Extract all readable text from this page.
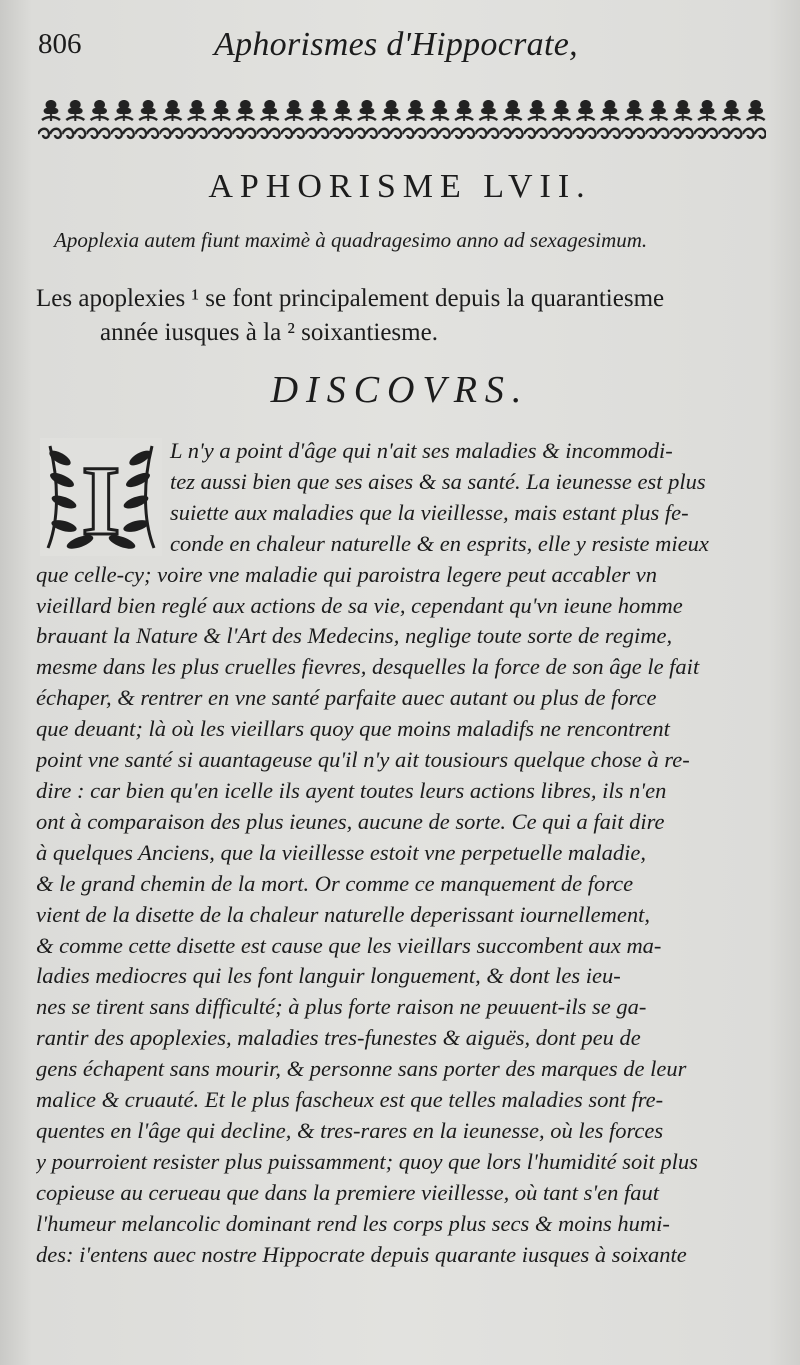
806	Aphorismes d'Hippocrate,
APHORISME LVII.
Apoplexia autem fiunt maximè à quadragesimo anno ad sexagesimum.
Les apoplexies ¹ se font principalement depuis la quarantiesme
année iusques à la ² soixantiesme.
DISCOVRS.
I	L n'y a point d'âge qui n'ait ses maladies & incommodi-
tez aussi bien que ses aises & sa santé. La ieunesse est plus
suiette aux maladies que la vieillesse, mais estant plus fe-
conde en chaleur naturelle & en esprits, elle y resiste mieux
que celle-cy; voire vne maladie qui paroistra legere peut accabler vn
vieillard bien reglé aux actions de sa vie, cependant qu'vn ieune homme
brauant la Nature & l'Art des Medecins, neglige toute sorte de regime,
mesme dans les plus cruelles fievres, desquelles la force de son âge le fait
échaper, & rentrer en vne santé parfaite auec autant ou plus de force
que deuant; là où les vieillars quoy que moins maladifs ne rencontrent
point vne santé si auantageuse qu'il n'y ait tousiours quelque chose à re-
dire : car bien qu'en icelle ils ayent toutes leurs actions libres, ils n'en
ont à comparaison des plus ieunes, aucune de sorte. Ce qui a fait dire
à quelques Anciens, que la vieillesse estoit vne perpetuelle maladie,
& le grand chemin de la mort. Or comme ce manquement de force
vient de la disette de la chaleur naturelle deperissant iournellement,
& comme cette disette est cause que les vieillars succombent aux ma-
ladies mediocres qui les font languir longuement, & dont les ieu-
nes se tirent sans difficulté; à plus forte raison ne peuuent-ils se ga-
rantir des apoplexies, maladies tres-funestes & aiguës, dont peu de
gens échapent sans mourir, & personne sans porter des marques de leur
malice & cruauté. Et le plus fascheux est que telles maladies sont fre-
quentes en l'âge qui decline, & tres-rares en la ieunesse, où les forces
y pourroient resister plus puissamment; quoy que lors l'humidité soit plus
copieuse au cerueau que dans la premiere vieillesse, où tant s'en faut
l'humeur melancolic dominant rend les corps plus secs & moins humi-
des: i'entens auec nostre Hippocrate depuis quarante iusques à soixante
